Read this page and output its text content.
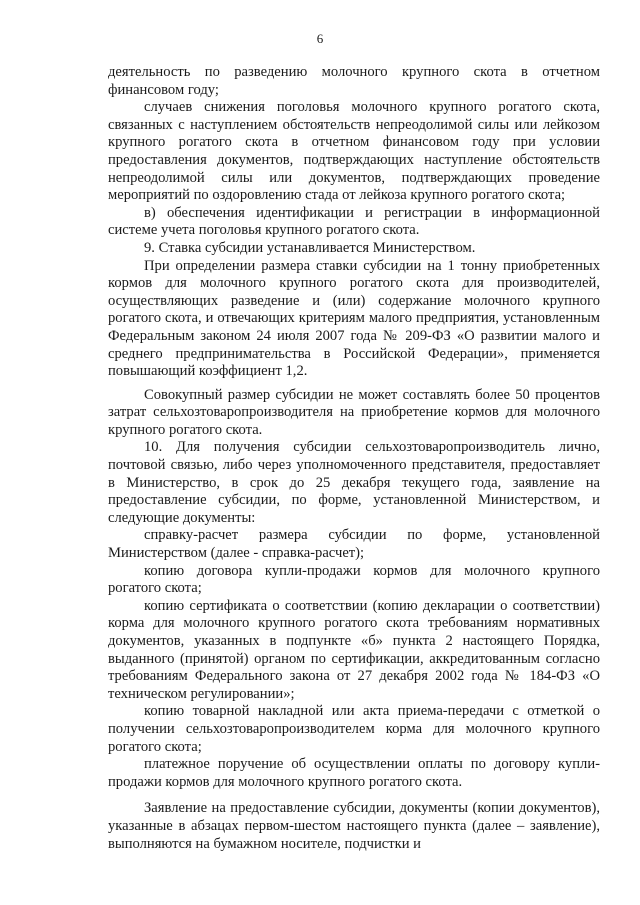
6

деятельность по разведению молочного крупного скота в отчетном финансовом году;

случаев снижения поголовья молочного крупного рогатого скота, связанных с наступлением обстоятельств непреодолимой силы или лейкозом крупного рогатого скота в отчетном финансовом году при условии предоставления документов, подтверждающих наступление обстоятельств непреодолимой силы или документов, подтверждающих проведение мероприятий по оздоровлению стада от лейкоза крупного рогатого скота;

в) обеспечения идентификации и регистрации в информационной системе учета поголовья крупного рогатого скота.

9. Ставка субсидии устанавливается Министерством.

При определении размера ставки субсидии на 1 тонну приобретенных кормов для молочного крупного рогатого скота для производителей, осуществляющих разведение и (или) содержание молочного крупного рогатого скота, и отвечающих критериям малого предприятия, установленным Федеральным законом 24 июля 2007 года № 209-ФЗ «О развитии малого и среднего предпринимательства в Российской Федерации», применяется повышающий коэффициент 1,2.

Совокупный размер субсидии не может составлять более 50 процентов затрат сельхозтоваропроизводителя на приобретение кормов для молочного крупного рогатого скота.

10. Для получения субсидии сельхозтоваропроизводитель лично, почтовой связью, либо через уполномоченного представителя, предоставляет в Министерство, в срок до 25 декабря текущего года, заявление на предоставление субсидии, по форме, установленной Министерством, и следующие документы:

справку-расчет размера субсидии по форме, установленной Министерством (далее - справка-расчет);

копию договора купли-продажи кормов для молочного крупного рогатого скота;

копию сертификата о соответствии (копию декларации о соответствии) корма для молочного крупного рогатого скота требованиям нормативных документов, указанных в подпункте «б» пункта 2 настоящего Порядка, выданного (принятой) органом по сертификации, аккредитованным согласно требованиям Федерального закона от 27 декабря 2002 года № 184-ФЗ «О техническом регулировании»;

копию товарной накладной или акта приема-передачи с отметкой о получении сельхозтоваропроизводителем корма для молочного крупного рогатого скота;

платежное поручение об осуществлении оплаты по договору купли-продажи кормов для молочного крупного рогатого скота.

Заявление на предоставление субсидии, документы (копии документов), указанные в абзацах первом-шестом настоящего пункта (далее – заявление), выполняются на бумажном носителе, подчистки и
